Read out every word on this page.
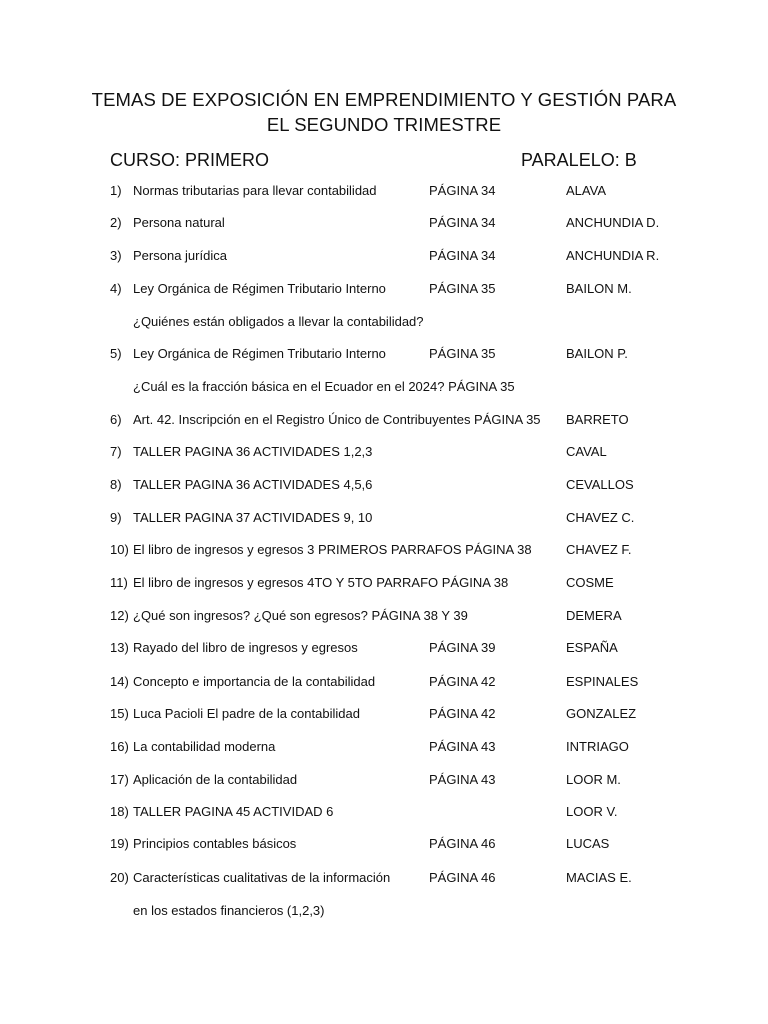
TEMAS DE EXPOSICIÓN EN EMPRENDIMIENTO Y GESTIÓN PARA
EL SEGUNDO TRIMESTRE
CURSO: PRIMERO	PARALELO: B
1) Normas tributarias para llevar contabilidad	PÁGINA 34	ALAVA
2) Persona natural	PÁGINA 34	ANCHUNDIA D.
3) Persona jurídica	PÁGINA 34	ANCHUNDIA R.
4) Ley Orgánica de Régimen Tributario Interno	PÁGINA 35	BAILON M.
¿Quiénes están obligados a llevar la contabilidad?
5) Ley Orgánica de Régimen Tributario Interno	PÁGINA 35	BAILON P.
¿Cuál es la fracción básica en el Ecuador en el 2024? PÁGINA 35
6) Art. 42. Inscripción en el Registro Único de Contribuyentes PÁGINA 35 BARRETO
7) TALLER PAGINA 36 ACTIVIDADES 1,2,3	CAVAL
8) TALLER PAGINA 36 ACTIVIDADES 4,5,6	CEVALLOS
9) TALLER PAGINA 37 ACTIVIDADES 9, 10	CHAVEZ C.
10) El libro de ingresos y egresos 3 PRIMEROS PARRAFOS PÁGINA 38	CHAVEZ F.
11) El libro de ingresos y egresos 4TO Y 5TO PARRAFO PÁGINA 38	COSME
12) ¿Qué son ingresos? ¿Qué son egresos? PÁGINA 38 Y 39	DEMERA
13) Rayado del libro de ingresos y egresos	PÁGINA 39	ESPAÑA
14) Concepto e importancia de la contabilidad	PÁGINA 42	ESPINALES
15) Luca Pacioli El padre de la contabilidad	PÁGINA 42	GONZALEZ
16) La contabilidad moderna	PÁGINA 43	INTRIAGO
17) Aplicación de la contabilidad	PÁGINA 43	LOOR M.
18) TALLER PAGINA 45 ACTIVIDAD 6	LOOR V.
19) Principios contables básicos	PÁGINA 46	LUCAS
20) Características cualitativas de la información	PÁGINA 46	MACIAS E.
en los estados financieros (1,2,3)
